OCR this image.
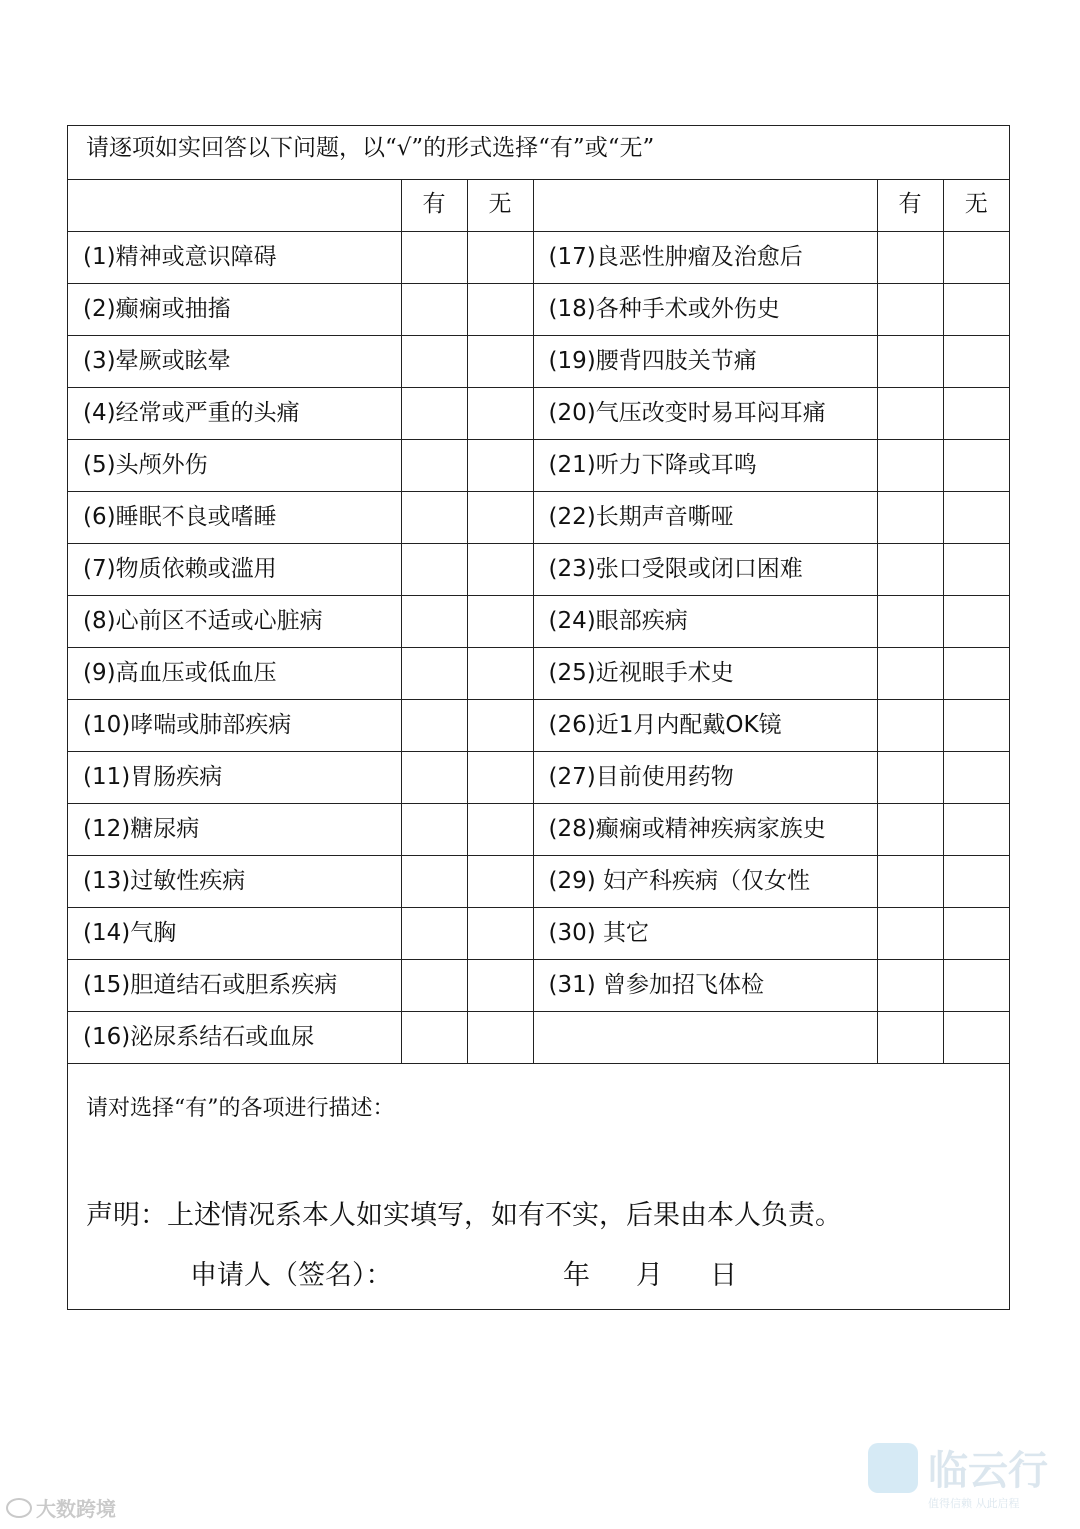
请逐项如实回答以下问题，以“√”的形式选择“有”或“无”
	有	无		有	无
(1)精神或意识障碍			(17)良恶性肿瘤及治愈后		
(2)癫痫或抽搐			(18)各种手术或外伤史		
(3)晕厥或眩晕			(19)腰背四肢关节痛		
(4)经常或严重的头痛			(20)气压改变时易耳闷耳痛		
(5)头颅外伤			(21)听力下降或耳鸣		
(6)睡眠不良或嗜睡			(22)长期声音嘶哑		
(7)物质依赖或滥用			(23)张口受限或闭口困难		
(8)心前区不适或心脏病			(24)眼部疾病		
(9)高血压或低血压			(25)近视眼手术史		
(10)哮喘或肺部疾病			(26)近1月内配戴OK镜		
(11)胃肠疾病			(27)目前使用药物		
(12)糖尿病			(28)癫痫或精神疾病家族史		
(13)过敏性疾病			(29) 妇产科疾病（仅女性		
(14)气胸			(30) 其它		
(15)胆道结石或胆系疾病			(31) 曾参加招飞体检		
(16)泌尿系结石或血尿					
请对选择“有”的各项进行描述：
声明：上述情况系本人如实填写，如有不实，后果由本人负责。
申请人（签名）：	年 月 日
大数跨境
临云行
值得信赖 从此启程
